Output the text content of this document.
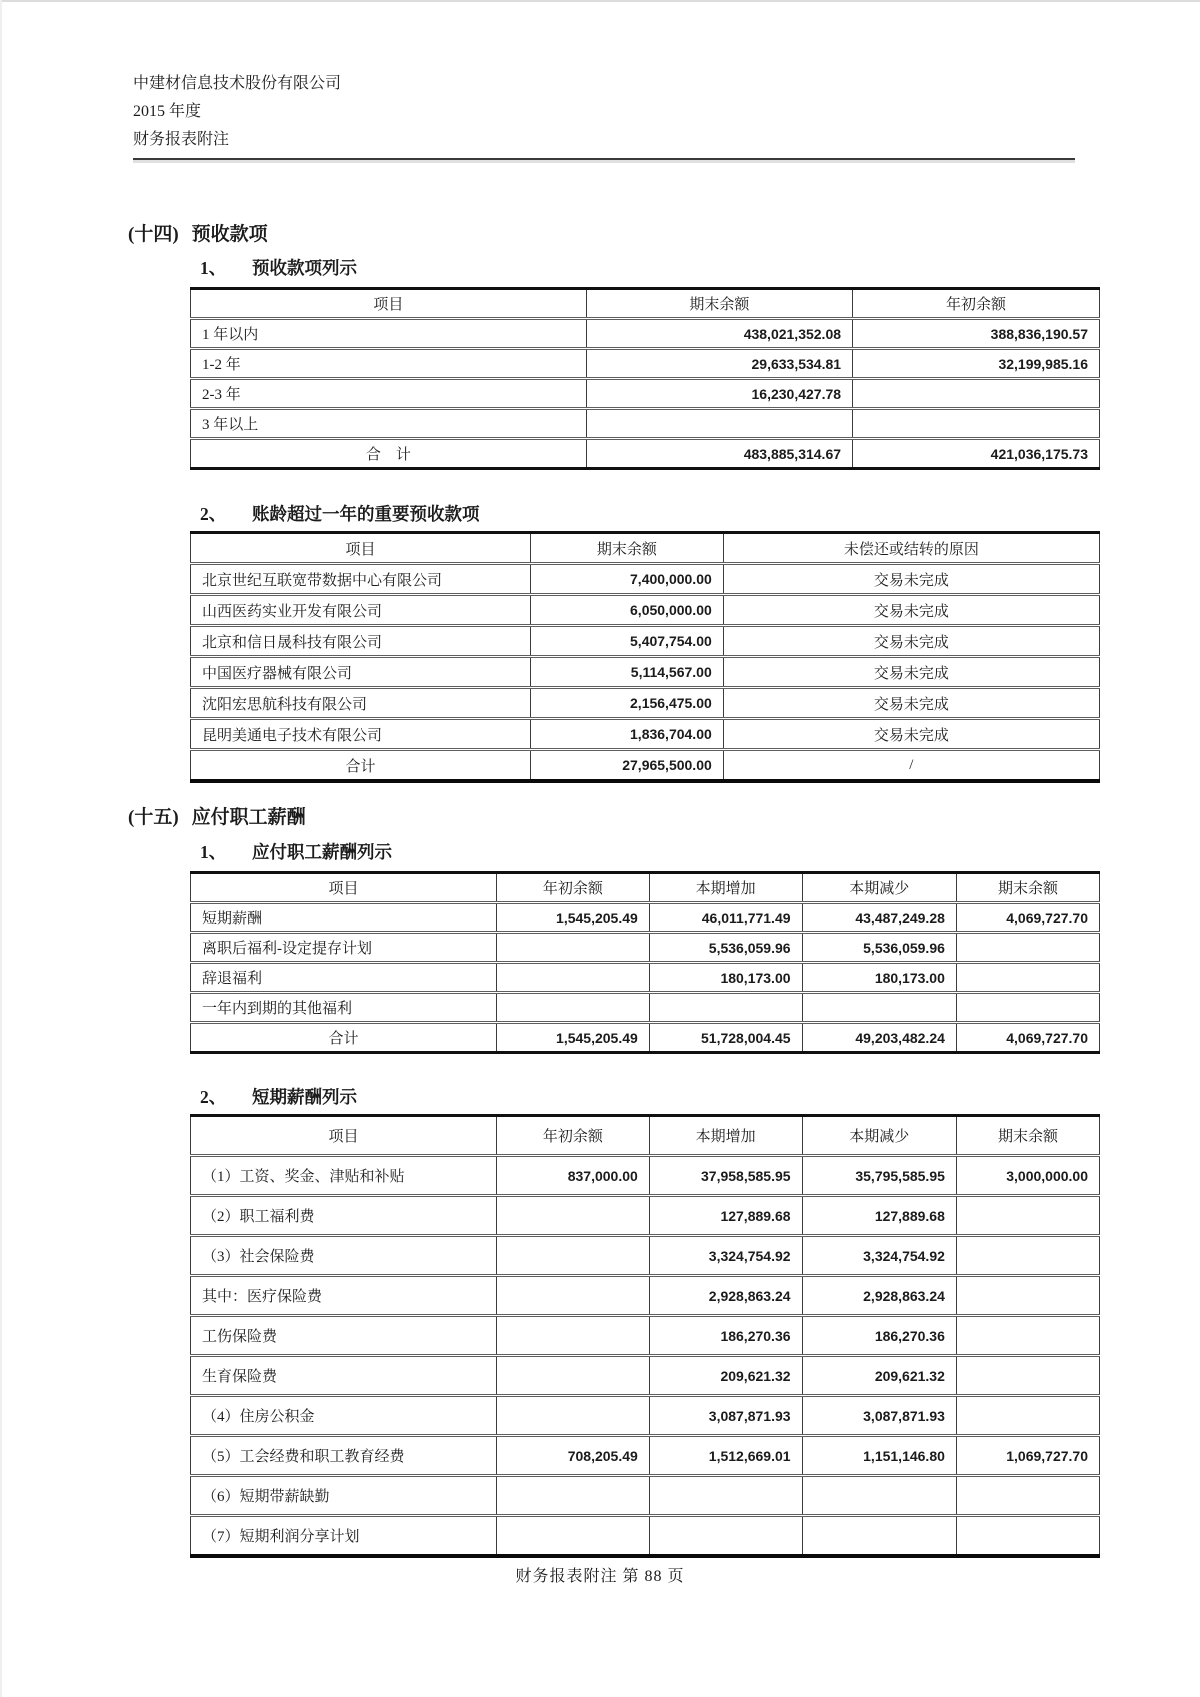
中建材信息技术股份有限公司
2015 年度
财务报表附注
(十四) 预收款项
1、 预收款项列示
项目	期末余额	年初余额
1 年以内	438,021,352.08	388,836,190.57
1-2 年	29,633,534.81	32,199,985.16
2-3 年	16,230,427.78	
3 年以上		
合　计	483,885,314.67	421,036,175.73
2、 账龄超过一年的重要预收款项
项目	期末余额	未偿还或结转的原因
北京世纪互联宽带数据中心有限公司	7,400,000.00	交易未完成
山西医药实业开发有限公司	6,050,000.00	交易未完成
北京和信日晟科技有限公司	5,407,754.00	交易未完成
中国医疗器械有限公司	5,114,567.00	交易未完成
沈阳宏思航科技有限公司	2,156,475.00	交易未完成
昆明美通电子技术有限公司	1,836,704.00	交易未完成
合计	27,965,500.00	/
(十五) 应付职工薪酬
1、 应付职工薪酬列示
项目	年初余额	本期增加	本期减少	期末余额
短期薪酬	1,545,205.49	46,011,771.49	43,487,249.28	4,069,727.70
离职后福利-设定提存计划		5,536,059.96	5,536,059.96	
辞退福利		180,173.00	180,173.00	
一年内到期的其他福利				
合计	1,545,205.49	51,728,004.45	49,203,482.24	4,069,727.70
2、 短期薪酬列示
项目	年初余额	本期增加	本期减少	期末余额
（1）工资、奖金、津贴和补贴	837,000.00	37,958,585.95	35,795,585.95	3,000,000.00
（2）职工福利费		127,889.68	127,889.68	
（3）社会保险费		3,324,754.92	3,324,754.92	
其中：医疗保险费		2,928,863.24	2,928,863.24	
工伤保险费		186,270.36	186,270.36	
生育保险费		209,621.32	209,621.32	
（4）住房公积金		3,087,871.93	3,087,871.93	
（5）工会经费和职工教育经费	708,205.49	1,512,669.01	1,151,146.80	1,069,727.70
（6）短期带薪缺勤				
（7）短期利润分享计划				
财务报表附注 第 88 页
